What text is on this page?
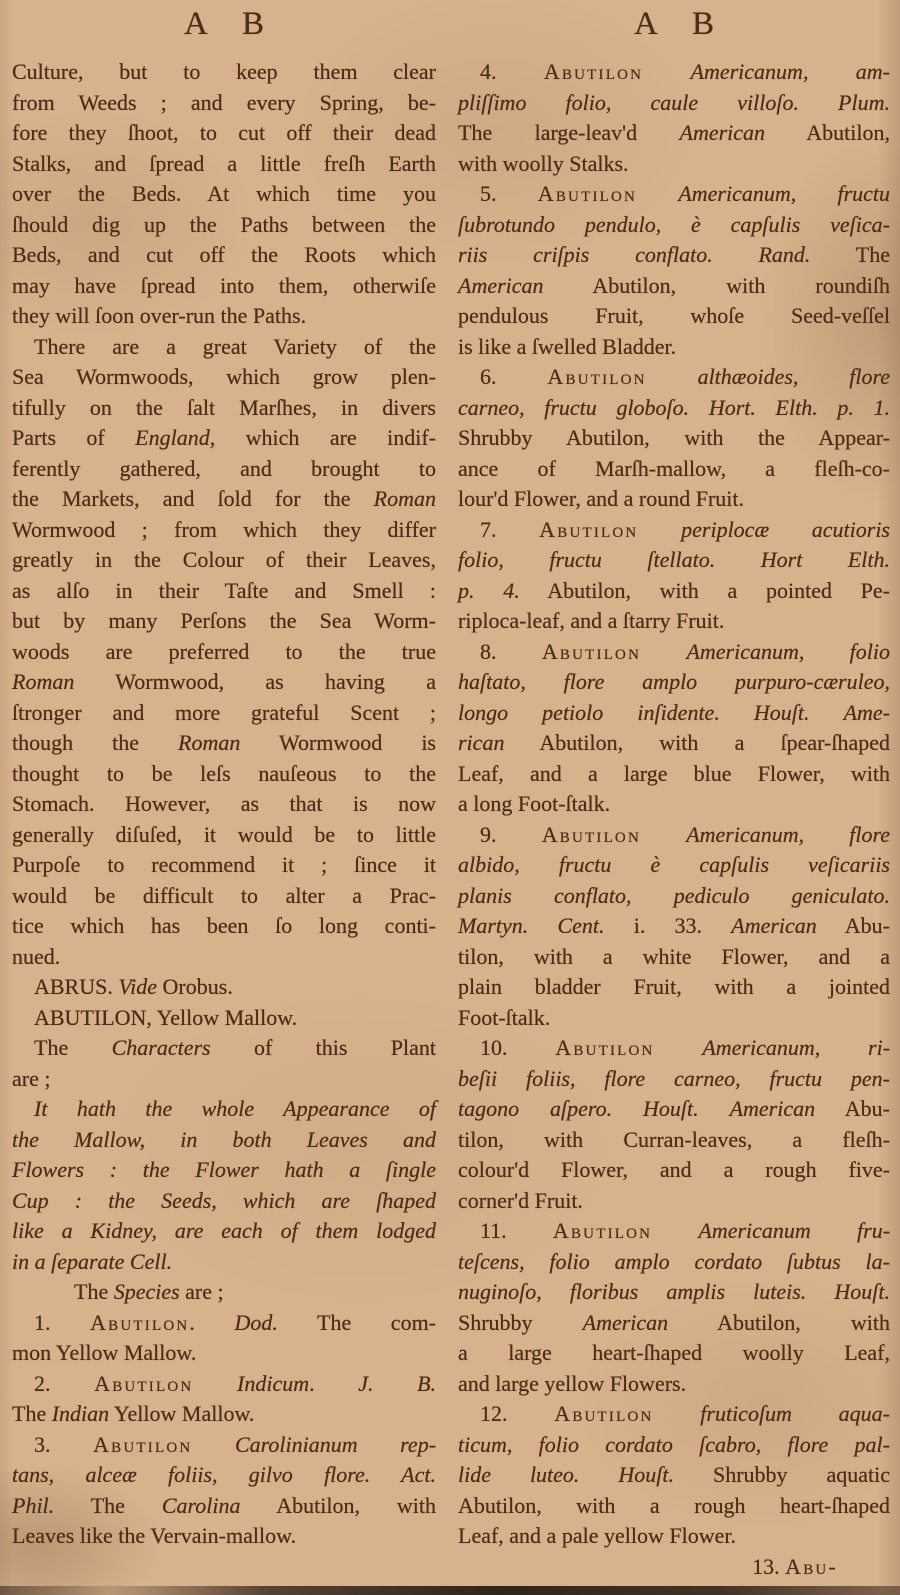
A B	A B
Culture, but to keep them clear
from Weeds ; and every Spring, be-
fore they ſhoot, to cut off their dead
Stalks, and ſpread a little freſh Earth
over the Beds. At which time you
ſhould dig up the Paths between the
Beds, and cut off the Roots which
may have ſpread into them, otherwiſe
they will ſoon over-run the Paths.
There are a great Variety of the
Sea Wormwoods, which grow plen-
tifully on the ſalt Marſhes, in divers
Parts of England, which are indif-
ferently gathered, and brought to
the Markets, and ſold for the Roman
Wormwood ; from which they differ
greatly in the Colour of their Leaves,
as alſo in their Taſte and Smell :
but by many Perſons the Sea Worm-
woods are preferred to the true
Roman Wormwood, as having a
ſtronger and more grateful Scent ;
though the Roman Wormwood is
thought to be leſs nauſeous to the
Stomach. However, as that is now
generally diſuſed, it would be to little
Purpoſe to recommend it ; ſince it
would be difficult to alter a Prac-
tice which has been ſo long conti-
nued.
ABRUS. Vide Orobus.
ABUTILON, Yellow Mallow.
The Characters of this Plant
are ;
It hath the whole Appearance of
the Mallow, in both Leaves and
Flowers : the Flower hath a ſingle
Cup : the Seeds, which are ſhaped
like a Kidney, are each of them lodged
in a ſeparate Cell.
The Species are ;
1. Abutilon. Dod. The com-
mon Yellow Mallow.
2. Abutilon Indicum. J. B.
The Indian Yellow Mallow.
3. Abutilon Carolinianum rep-
tans, alceæ foliis, gilvo flore. Act.
Phil. The Carolina Abutilon, with
Leaves like the Vervain-mallow.
4. Abutilon Americanum, am-
pliſſimo folio, caule villoſo. Plum.
The large-leav'd American Abutilon,
with woolly Stalks.
5. Abutilon Americanum, fructu
ſubrotundo pendulo, è capſulis veſica-
riis criſpis conflato. Rand. The
American Abutilon, with roundiſh
pendulous Fruit, whoſe Seed-veſſel
is like a ſwelled Bladder.
6. Abutilon althæoides, flore
carneo, fructu globoſo. Hort. Elth. p. 1.
Shrubby Abutilon, with the Appear-
ance of Marſh-mallow, a fleſh-co-
lour'd Flower, and a round Fruit.
7. Abutilon periplocæ acutioris
folio, fructu ſtellato. Hort Elth.
p. 4. Abutilon, with a pointed Pe-
riploca-leaf, and a ſtarry Fruit.
8. Abutilon Americanum, folio
haſtato, flore amplo purpuro-cæruleo,
longo petiolo inſidente. Houſt. Ame-
rican Abutilon, with a ſpear-ſhaped
Leaf, and a large blue Flower, with
a long Foot-ſtalk.
9. Abutilon Americanum, flore
albido, fructu è capſulis veſicariis
planis conflato, pediculo geniculato.
Martyn. Cent. i. 33. American Abu-
tilon, with a white Flower, and a
plain bladder Fruit, with a jointed
Foot-ſtalk.
10. Abutilon Americanum, ri-
beſii foliis, flore carneo, fructu pen-
tagono aſpero. Houſt. American Abu-
tilon, with Curran-leaves, a fleſh-
colour'd Flower, and a rough five-
corner'd Fruit.
11. Abutilon Americanum fru-
teſcens, folio amplo cordato ſubtus la-
nuginoſo, floribus amplis luteis. Houſt.
Shrubby American Abutilon, with
a large heart-ſhaped woolly Leaf,
and large yellow Flowers.
12. Abutilon fruticoſum aqua-
ticum, folio cordato ſcabro, flore pal-
lide luteo. Houſt. Shrubby aquatic
Abutilon, with a rough heart-ſhaped
Leaf, and a pale yellow Flower.
13. Abu-
